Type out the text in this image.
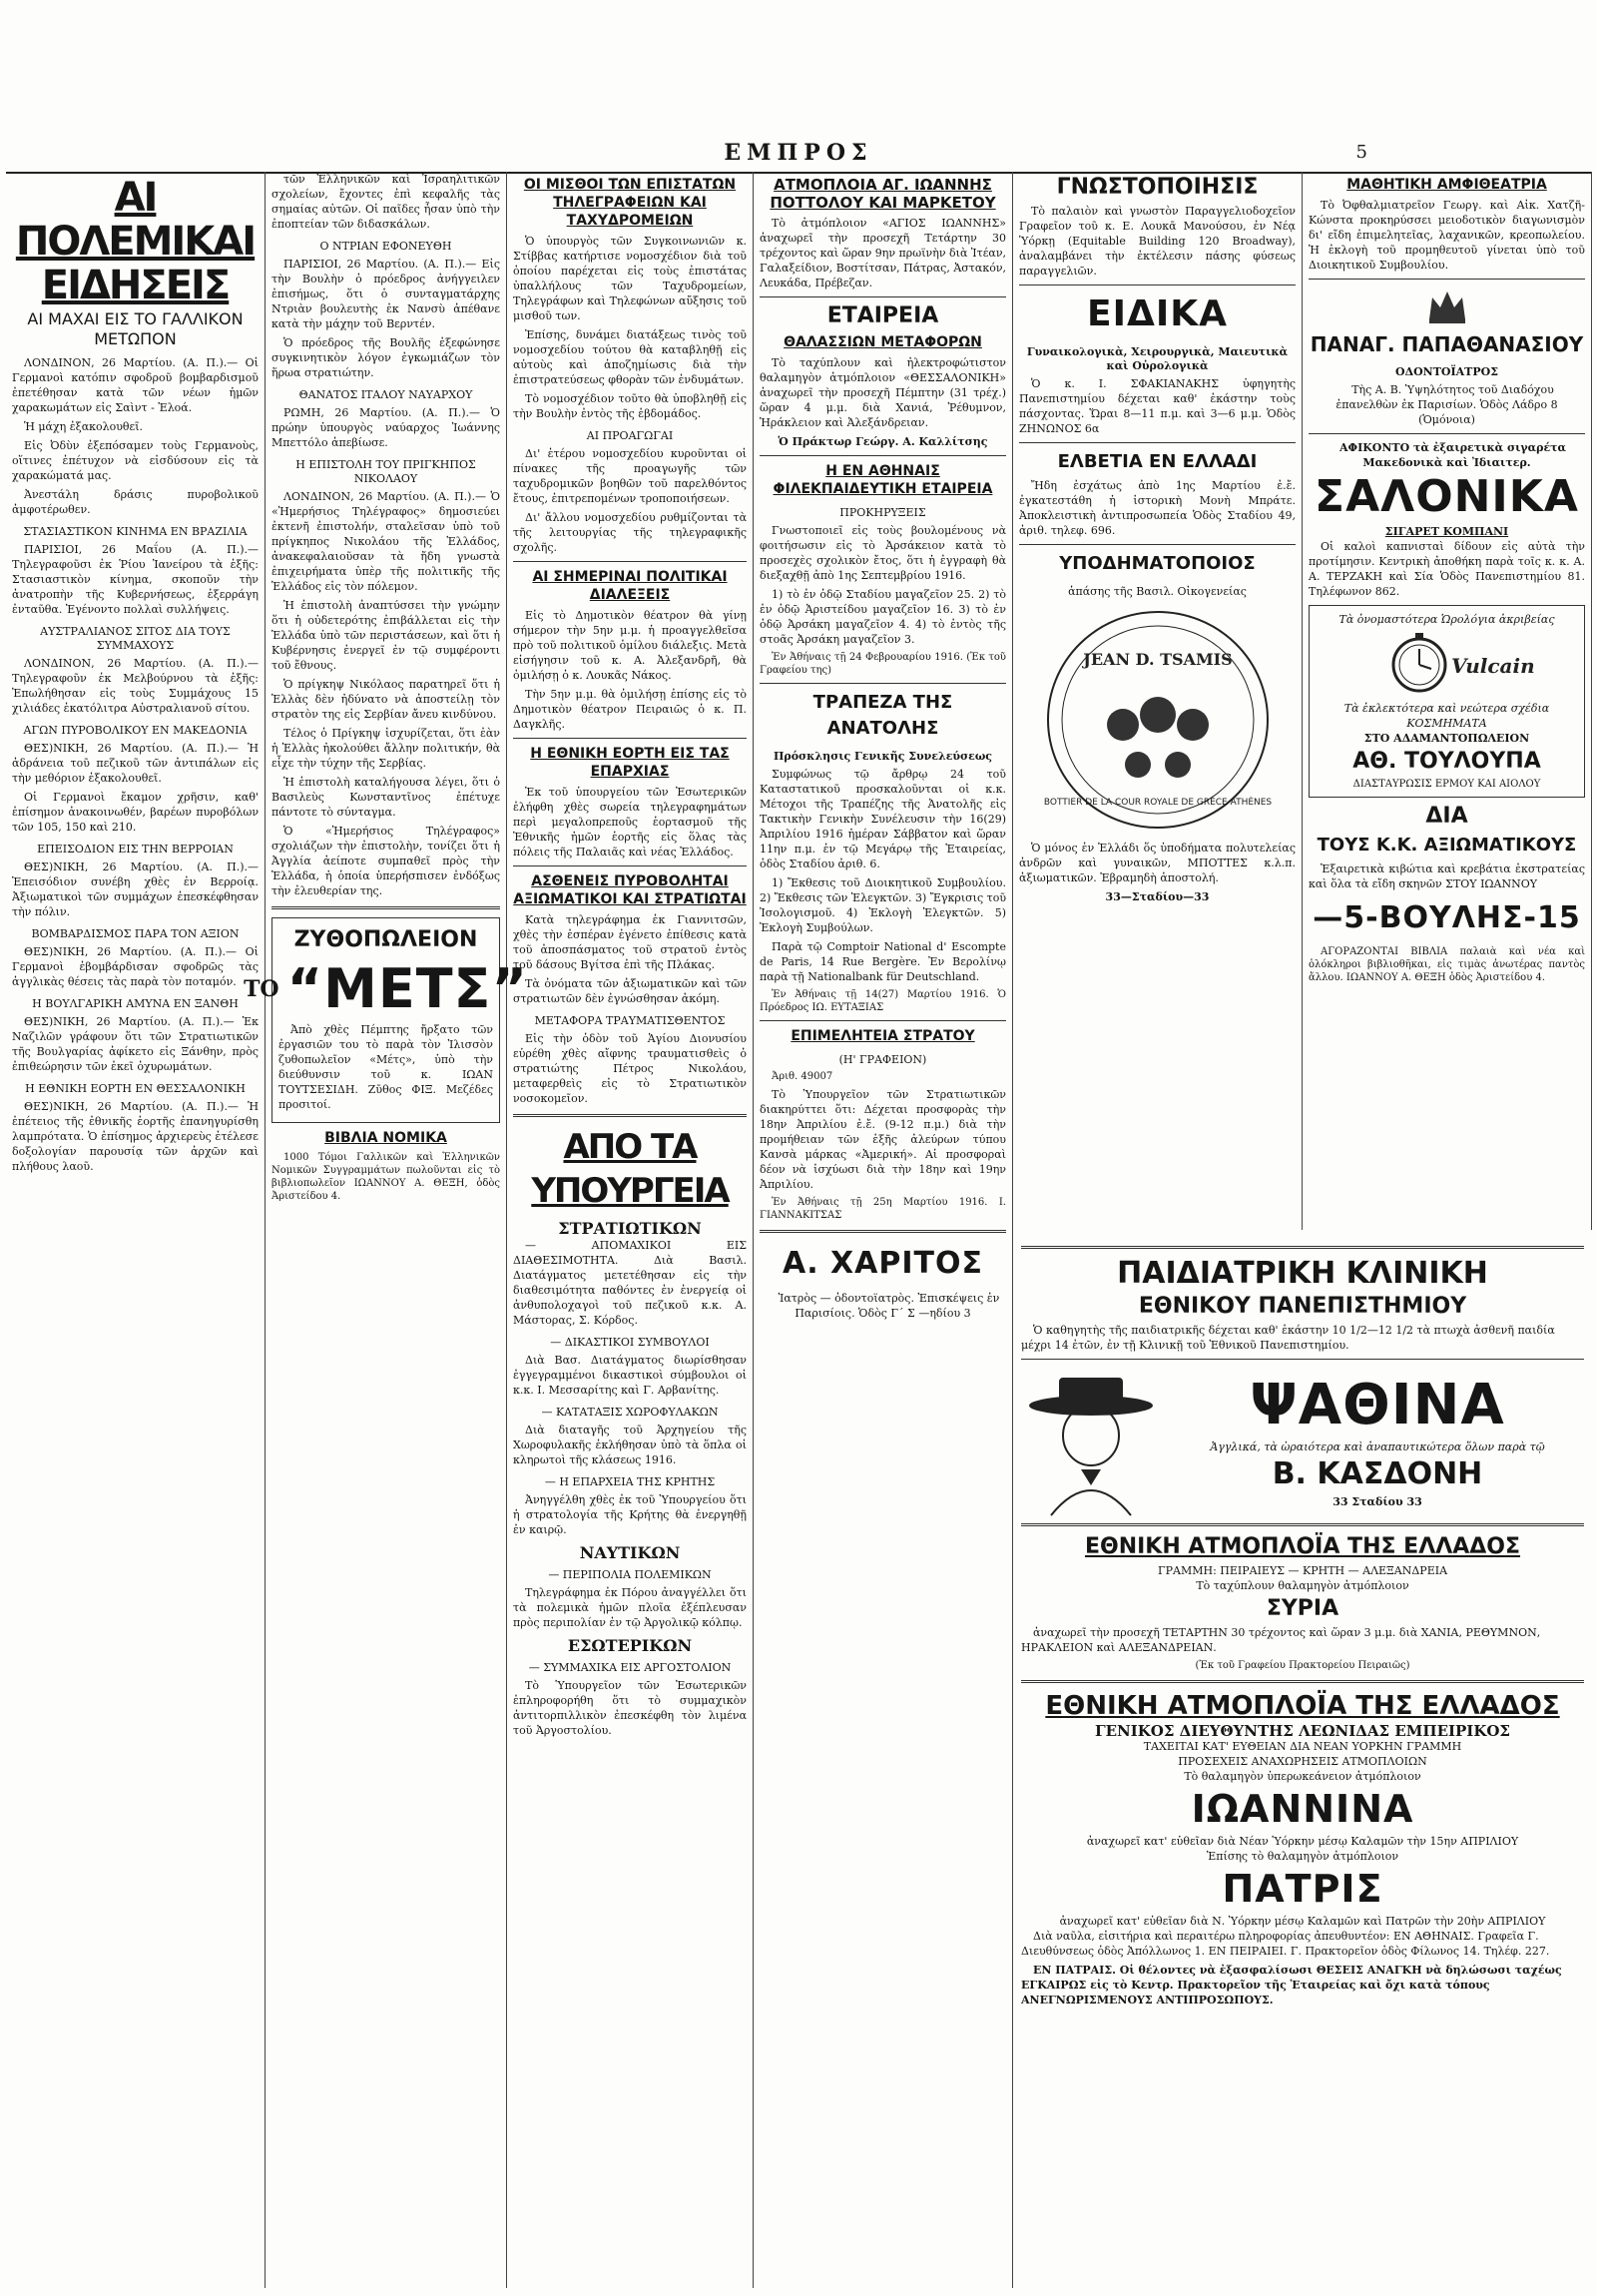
ΕΜΠΡΟΣ	5
ΑΙ ΠΟΛΕΜΙΚΑΙ ΕΙΔΗΣΕΙΣ
ΑΙ ΜΑΧΑΙ ΕΙΣ ΤΟ ΓΑΛΛΙΚΟΝ ΜΕΤΩΠΟΝ

ΛΟΝΔΙΝΟΝ, 26 Μαρτίου. (Α. Π.).— Οἱ Γερμανοὶ κατόπιν σφοδροῦ βομβαρδισμοῦ ἐπετέθησαν κατὰ τῶν νέων ἡμῶν χαρακωμάτων εἰς Σαὶντ - Ἐλοά.

Ἡ μάχη ἐξακολουθεῖ.

Εἰς Ὀδὺν ἐξεπόσαμεν τοὺς Γερμανοὺς, οἵτινες ἐπέτυχον νὰ εἰσδύσουν εἰς τὰ χαρακώματά μας.

Ἀνεστάλη δράσις πυροβολικοῦ ἀμφοτέρωθεν.

ΣΤΑΣΙΑΣΤΙΚΟΝ ΚΙΝΗΜΑ ΕΝ ΒΡΑΖΙΛΙΑ

ΠΑΡΙΣΙΟΙ, 26 Μαΐου (Α. Π.).— Τηλεγραφοῦσι ἐκ Ῥίου Ἰανείρου τὰ ἑξῆς: Στασιαστικὸν κίνημα, σκοποῦν τὴν ἀνατροπὴν τῆς Κυβερνήσεως, ἐξερράγη ἐνταῦθα. Ἐγένοντο πολλαὶ συλλήψεις.

ΑΥΣΤΡΑΛΙΑΝΟΣ ΣΙΤΟΣ ΔΙΑ ΤΟΥΣ ΣΥΜΜΑΧΟΥΣ

ΛΟΝΔΙΝΟΝ, 26 Μαρτίου. (Α. Π.).— Τηλεγραφοῦν ἐκ Μελβούρνου τὰ ἑξῆς: Ἐπωλήθησαν εἰς τοὺς Συμμάχους 15 χιλιάδες ἑκατόλιτρα Αὐστραλιανοῦ σίτου.

ΑΓΩΝ ΠΥΡΟΒΟΛΙΚΟΥ ΕΝ ΜΑΚΕΔΟΝΙΑ

ΘΕΣ)ΝΙΚΗ, 26 Μαρτίου. (Α. Π.).— Ἡ ἀδράνεια τοῦ πεζικοῦ τῶν ἀντιπάλων εἰς τὴν μεθόριον ἐξακολουθεῖ.

Οἱ Γερμανοὶ ἔκαμον χρῆσιν, καθ' ἐπίσημον ἀνακοινωθέν, βαρέων πυροβόλων τῶν 105, 150 καὶ 210.

ΕΠΕΙΣΟΔΙΟΝ ΕΙΣ ΤΗΝ ΒΕΡΡΟΙΑΝ

ΘΕΣ)ΝΙΚΗ, 26 Μαρτίου. (Α. Π.).— Ἐπεισόδιον συνέβη χθὲς ἐν Βερροίᾳ. Ἀξιωματικοὶ τῶν συμμάχων ἐπεσκέφθησαν τὴν πόλιν.

ΒΟΜΒΑΡΔΙΣΜΟΣ ΠΑΡΑ ΤΟΝ ΑΞΙΟΝ

ΘΕΣ)ΝΙΚΗ, 26 Μαρτίου. (Α. Π.).— Οἱ Γερμανοὶ ἐβομβάρδισαν σφοδρῶς τὰς ἀγγλικὰς θέσεις τὰς παρὰ τὸν ποταμόν.

Η ΒΟΥΛΓΑΡΙΚΗ ΑΜΥΝΑ ΕΝ ΞΑΝΘΗ

ΘΕΣ)ΝΙΚΗ, 26 Μαρτίου. (Α. Π.).— Ἐκ Ναζιλῶν γράφουν ὅτι τῶν Στρατιωτικῶν τῆς Βουλγαρίας ἀφίκετο εἰς Ξάνθην, πρὸς ἐπιθεώρησιν τῶν ἐκεῖ ὀχυρωμάτων.

Η ΕΘΝΙΚΗ ΕΟΡΤΗ ΕΝ ΘΕΣΣΑΛΟΝΙΚΗ

ΘΕΣ)ΝΙΚΗ, 26 Μαρτίου. (Α. Π.).— Ἡ ἐπέτειος τῆς ἐθνικῆς ἑορτῆς ἐπανηγυρίσθη λαμπρότατα. Ὁ ἐπίσημος ἀρχιερεὺς ἐτέλεσε δοξολογίαν παρουσίᾳ τῶν ἀρχῶν καὶ πλήθους λαοῦ.

τῶν Ἑλληνικῶν καὶ Ἰσραηλιτικῶν σχολείων, ἔχοντες ἐπὶ κεφαλῆς τὰς σημαίας αὐτῶν. Οἱ παῖδες ἦσαν ὑπὸ τὴν ἐποπτείαν τῶν διδασκάλων.

Ο ΝΤΡΙΑΝ ΕΦΟΝΕΥΘΗ

ΠΑΡΙΣΙΟΙ, 26 Μαρτίου. (Α. Π.).— Εἰς τὴν Βουλὴν ὁ πρόεδρος ἀνήγγειλεν ἐπισήμως, ὅτι ὁ συνταγματάρχης Ντριὰν βουλευτὴς ἐκ Νανσὺ ἀπέθανε κατὰ τὴν μάχην τοῦ Βερντέν.

Ὁ πρόεδρος τῆς Βουλῆς ἐξεφώνησε συγκινητικὸν λόγον ἐγκωμιάζων τὸν ἥρωα στρατιώτην.

ΘΑΝΑΤΟΣ ΙΤΑΛΟΥ ΝΑΥΑΡΧΟΥ

ΡΩΜΗ, 26 Μαρτίου. (Α. Π.).— Ὁ πρώην ὑπουργὸς ναύαρχος Ἰωάννης Μπεττόλο ἀπεβίωσε.

Η ΕΠΙΣΤΟΛΗ ΤΟΥ ΠΡΙΓΚΗΠΟΣ ΝΙΚΟΛΑΟΥ

ΛΟΝΔΙΝΟΝ, 26 Μαρτίου. (Α. Π.).— Ὁ «Ἠμερήσιος Τηλέγραφος» δημοσιεύει ἐκτενῆ ἐπιστολήν, σταλεῖσαν ὑπὸ τοῦ πρίγκηπος Νικολάου τῆς Ἑλλάδος, ἀνακεφαλαιοῦσαν τὰ ἤδη γνωστὰ ἐπιχειρήματα ὑπὲρ τῆς πολιτικῆς τῆς Ἑλλάδος εἰς τὸν πόλεμον.

Ἡ ἐπιστολὴ ἀναπτύσσει τὴν γνώμην ὅτι ἡ οὐδετερότης ἐπιβάλλεται εἰς τὴν Ἑλλάδα ὑπὸ τῶν περιστάσεων, καὶ ὅτι ἡ Κυβέρνησις ἐνεργεῖ ἐν τῷ συμφέροντι τοῦ ἔθνους.

Ὁ πρίγκηψ Νικόλαος παρατηρεῖ ὅτι ἡ Ἑλλὰς δὲν ἠδύνατο νὰ ἀποστείλῃ τὸν στρατὸν της εἰς Σερβίαν ἄνευ κινδύνου.

Τέλος ὁ Πρίγκηψ ἰσχυρίζεται, ὅτι ἐὰν ἡ Ἑλλὰς ἠκολούθει ἄλλην πολιτικήν, θὰ εἶχε τὴν τύχην τῆς Σερβίας.

Ἡ ἐπιστολὴ καταλήγουσα λέγει, ὅτι ὁ Βασιλεὺς Κωνσταντῖνος ἐπέτυχε πάντοτε τὸ σύνταγμα.

Ὁ «Ἠμερήσιος Τηλέγραφος» σχολιάζων τὴν ἐπιστολὴν, τονίζει ὅτι ἡ Ἀγγλία ἀείποτε συμπαθεῖ πρὸς τὴν Ἑλλάδα, ἡ ὁποία ὑπερήσπισεν ἐνδόξως τὴν ἐλευθερίαν της.

ΖΥΘΟΠΩΛΕΙΟΝ
ΤΟ “ΜΕΤΣ”

Ἀπὸ χθὲς Πέμπτης ἤρξατο τῶν ἐργασιῶν του τὸ παρὰ τὸν Ἰλισσὸν ζυθοπωλεῖον «Μέτς», ὑπὸ τὴν διεύθυνσιν τοῦ κ. ΙΩΑΝ ΤΟΥΤΣΕΣΙΔΗ. Ζῦθος ΦΙΞ. Μεζέδες προσιτοί.

ΒΙΒΛΙΑ ΝΟΜΙΚΑ

1000 Τόμοι Γαλλικῶν καὶ Ἑλληνικῶν Νομικῶν Συγγραμμάτων πωλοῦνται εἰς τὸ βιβλιοπωλεῖον ΙΩΑΝΝΟΥ Α. ΘΕΞΗ, ὁδὸς Ἀριστείδου 4.

ΟΙ ΜΙΣΘΟΙ ΤΩΝ ΕΠΙΣΤΑΤΩΝ ΤΗΛΕΓΡΑΦΕΙΩΝ ΚΑΙ ΤΑΧΥΔΡΟΜΕΙΩΝ

Ὁ ὑπουργὸς τῶν Συγκοινωνιῶν κ. Στίββας κατήρτισε νομοσχέδιον διὰ τοῦ ὁποίου παρέχεται εἰς τοὺς ἐπιστάτας ὑπαλλήλους τῶν Ταχυδρομείων, Τηλεγράφων καὶ Τηλεφώνων αὔξησις τοῦ μισθοῦ των.

Ἐπίσης, δυνάμει διατάξεως τινὸς τοῦ νομοσχεδίου τούτου θὰ καταβληθῇ εἰς αὐτοὺς καὶ ἀποζημίωσις διὰ τὴν ἐπιστρατεύσεως φθορὰν τῶν ἐνδυμάτων.

Τὸ νομοσχέδιον τοῦτο θὰ ὑποβληθῇ εἰς τὴν Βουλὴν ἐντὸς τῆς ἑβδομάδος.

ΑΙ ΠΡΟΑΓΩΓΑΙ

Δι' ἑτέρου νομοσχεδίου κυροῦνται οἱ πίνακες τῆς προαγωγῆς τῶν ταχυδρομικῶν βοηθῶν τοῦ παρελθόντος ἔτους, ἐπιτρεπομένων τροποποιήσεων.

Δι' ἄλλου νομοσχεδίου ρυθμίζονται τὰ τῆς λειτουργίας τῆς τηλεγραφικῆς σχολῆς.

ΑΙ ΣΗΜΕΡΙΝΑΙ ΠΟΛΙΤΙΚΑΙ ΔΙΑΛΕΞΕΙΣ

Εἰς τὸ Δημοτικὸν θέατρον θὰ γίνῃ σήμερον τὴν 5ην μ.μ. ἡ προαγγελθεῖσα πρὸ τοῦ πολιτικοῦ ὁμίλου διάλεξις. Μετὰ εἰσήγησιν τοῦ κ. Α. Ἀλεξανδρῆ, θὰ ὁμιλήσῃ ὁ κ. Λουκᾶς Νάκος.

Τὴν 5ην μ.μ. θὰ ὁμιλήσῃ ἐπίσης εἰς τὸ Δημοτικὸν θέατρον Πειραιῶς ὁ κ. Π. Δαγκλῆς.

Η ΕΘΝΙΚΗ ΕΟΡΤΗ ΕΙΣ ΤΑΣ ΕΠΑΡΧΙΑΣ

Ἐκ τοῦ ὑπουργείου τῶν Ἐσωτερικῶν ἐλήφθη χθὲς σωρεία τηλεγραφημάτων περὶ μεγαλοπρεποῦς ἑορτασμοῦ τῆς Ἐθνικῆς ἡμῶν ἑορτῆς εἰς ὅλας τὰς πόλεις τῆς Παλαιᾶς καὶ νέας Ἑλλάδος.

ΑΣΘΕΝΕΙΣ ΠΥΡΟΒΟΛΗΤΑΙ ΑΞΙΩΜΑΤΙΚΟΙ ΚΑΙ ΣΤΡΑΤΙΩΤΑΙ

Κατὰ τηλεγράφημα ἐκ Γιαννιτσῶν, χθὲς τὴν ἑσπέραν ἐγένετο ἐπίθεσις κατὰ τοῦ ἀποσπάσματος τοῦ στρατοῦ ἐντὸς τοῦ δάσους Βγίτσα ἐπὶ τῆς Πλάκας.

Τὰ ὀνόματα τῶν ἀξιωματικῶν καὶ τῶν στρατιωτῶν δὲν ἐγνώσθησαν ἀκόμη.

ΜΕΤΑΦΟΡΑ ΤΡΑΥΜΑΤΙΣΘΕΝΤΟΣ

Εἰς τὴν ὁδὸν τοῦ Ἁγίου Διονυσίου εὑρέθη χθὲς αἴφνης τραυματισθεὶς ὁ στρατιώτης Πέτρος Νικολάου, μεταφερθεὶς εἰς τὸ Στρατιωτικὸν νοσοκομεῖον.

ΑΠΟ ΤΑ ΥΠΟΥΡΓΕΙΑ
ΣΤΡΑΤΙΩΤΙΚΩΝ

— ΑΠΟΜΑΧΙΚΟΙ ΕΙΣ ΔΙΑΘΕΣΙΜΟΤΗΤΑ. Διὰ Βασιλ. Διατάγματος μετετέθησαν εἰς τὴν διαθεσιμότητα παθόντες ἐν ἐνεργείᾳ οἱ ἀνθυπολοχαγοὶ τοῦ πεζικοῦ κ.κ. Α. Μάστορας, Σ. Κόρδος.

— ΔΙΚΑΣΤΙΚΟΙ ΣΥΜΒΟΥΛΟΙ

Διὰ Βασ. Διατάγματος διωρίσθησαν ἐγγεγραμμένοι δικαστικοὶ σύμβουλοι οἱ κ.κ. Ι. Μεσσαρίτης καὶ Γ. Αρβανίτης.

— ΚΑΤΑΤΑΞΙΣ ΧΩΡΟΦΥΛΑΚΩΝ

Διὰ διαταγῆς τοῦ Ἀρχηγείου τῆς Χωροφυλακῆς ἐκλήθησαν ὑπὸ τὰ ὅπλα οἱ κληρωτοὶ τῆς κλάσεως 1916.

— Η ΕΠΑΡΧΕΙΑ ΤΗΣ ΚΡΗΤΗΣ

Ἀνηγγέλθη χθὲς ἐκ τοῦ Ὑπουργείου ὅτι ἡ στρατολογία τῆς Κρήτης θὰ ἐνεργηθῇ ἐν καιρῷ.

ΝΑΥΤΙΚΩΝ
— ΠΕΡΙΠΟΛΙΑ ΠΟΛΕΜΙΚΩΝ

Τηλεγράφημα ἐκ Πόρου ἀναγγέλλει ὅτι τὰ πολεμικὰ ἡμῶν πλοῖα ἐξέπλευσαν πρὸς περιπολίαν ἐν τῷ Ἀργολικῷ κόλπῳ.

ΕΣΩΤΕΡΙΚΩΝ
— ΣΥΜΜΑΧΙΚΑ ΕΙΣ ΑΡΓΟΣΤΟΛΙΟΝ

Τὸ Ὑπουργεῖον τῶν Ἐσωτερικῶν ἐπληροφορήθη ὅτι τὸ συμμαχικὸν ἀντιτορπιλλικὸν ἐπεσκέφθη τὸν λιμένα τοῦ Ἀργοστολίου.

ΑΤΜΟΠΛΟΙΑ ΑΓ. ΙΩΑΝΝΗΣ ΠΟΤΤΟΛΟΥ ΚΑΙ ΜΑΡΚΕΤΟΥ

Τὸ ἀτμόπλοιον «ΑΓΙΟΣ ΙΩΑΝΝΗΣ» ἀναχωρεῖ τὴν προσεχῆ Τετάρτην 30 τρέχοντος καὶ ὥραν 9ην πρωϊνὴν διὰ Ἰτέαν, Γαλαξείδιον, Βοστίτσαν, Πάτρας, Ἀστακόν, Λευκάδα, Πρέβεζαν.

ΕΤΑΙΡΕΙΑ
ΘΑΛΑΣΣΙΩΝ ΜΕΤΑΦΟΡΩΝ

Τὸ ταχύπλουν καὶ ἠλεκτροφώτιστον θαλαμηγὸν ἀτμόπλοιον «ΘΕΣΣΑΛΟΝΙΚΗ» ἀναχωρεῖ τὴν προσεχῆ Πέμπτην (31 τρέχ.) ὥραν 4 μ.μ. διὰ Χανιά, Ῥέθυμνον, Ἡράκλειον καὶ Ἀλεξάνδρειαν.

Ὁ Πράκτωρ Γεώργ. Α. Καλλίτσης
Η ΕΝ ΑΘΗΝΑΙΣ ΦΙΛΕΚΠΑΙΔΕΥΤΙΚΗ ΕΤΑΙΡΕΙΑ
ΠΡΟΚΗΡΥΞΕΙΣ

Γνωστοποιεῖ εἰς τοὺς βουλομένους νὰ φοιτήσωσιν εἰς τὸ Ἀρσάκειον κατὰ τὸ προσεχὲς σχολικὸν ἔτος, ὅτι ἡ ἐγγραφὴ θὰ διεξαχθῇ ἀπὸ 1ης Σεπτεμβρίου 1916.

1) τὸ ἐν ὁδῷ Σταδίου μαγαζεῖον 25. 2) τὸ ἐν ὁδῷ Ἀριστείδου μαγαζεῖον 16. 3) τὸ ἐν ὁδῷ Ἀρσάκη μαγαζεῖον 4. 4) τὸ ἐντὸς τῆς στοᾶς Ἀρσάκη μαγαζεῖον 3.

Ἐν Ἀθήναις τῇ 24 Φεβρουαρίου 1916. (Ἐκ τοῦ Γραφείου της)

ΤΡΑΠΕΖΑ ΤΗΣ ΑΝΑΤΟΛΗΣ
Πρόσκλησις Γενικῆς Συνελεύσεως

Συμφώνως τῷ ἄρθρῳ 24 τοῦ Καταστατικοῦ προσκαλοῦνται οἱ κ.κ. Μέτοχοι τῆς Τραπέζης τῆς Ἀνατολῆς εἰς Τακτικὴν Γενικὴν Συνέλευσιν τὴν 16(29) Ἀπριλίου 1916 ἡμέραν Σάββατον καὶ ὥραν 11ην π.μ. ἐν τῷ Μεγάρῳ τῆς Ἑταιρείας, ὁδὸς Σταδίου ἀριθ. 6.

1) Ἔκθεσις τοῦ Διοικητικοῦ Συμβουλίου. 2) Ἔκθεσις τῶν Ἐλεγκτῶν. 3) Ἔγκρισις τοῦ Ἰσολογισμοῦ. 4) Ἐκλογὴ Ἐλεγκτῶν. 5) Ἐκλογὴ Συμβούλων.

Παρὰ τῷ Comptoir National d' Escompte de Paris, 14 Rue Bergère. Ἐν Βερολίνῳ παρὰ τῇ Nationalbank für Deutschland.

Ἐν Ἀθήναις τῇ 14(27) Μαρτίου 1916. Ὁ Πρόεδρος ΙΩ. ΕΥΤΑΞΙΑΣ

ΕΠΙΜΕΛΗΤΕΙΑ ΣΤΡΑΤΟΥ
(Η' ΓΡΑΦΕΙΟΝ)

Ἀριθ. 49007

Τὸ Ὑπουργεῖον τῶν Στρατιωτικῶν διακηρύττει ὅτι: Δέχεται προσφορὰς τὴν 18ην Ἀπριλίου ἐ.ἔ. (9-12 π.μ.) διὰ τὴν προμήθειαν τῶν ἑξῆς ἀλεύρων τύπου Κανσὰ μάρκας «Ἀμερική». Αἱ προσφοραὶ δέον νὰ ἰσχύωσι διὰ τὴν 18ην καὶ 19ην Ἀπριλίου.

Ἐν Ἀθήναις τῇ 25η Μαρτίου 1916. Ι. ΓΙΑΝΝΑΚΙΤΣΑΣ

Α. ΧΑΡΙΤΟΣ

Ἰατρὸς — ὀδοντοϊατρὸς. Ἐπισκέψεις ἐν Παρισίοις. Ὁδὸς Γ΄ Σ —ηδίου 3

ΓΝΩΣΤΟΠΟΙΗΣΙΣ

Τὸ παλαιὸν καὶ γνωστὸν Παραγγελιοδοχεῖον Γραφεῖον τοῦ κ. Ε. Λουκᾶ Μανούσου, ἐν Νέᾳ Ὑόρκῃ (Equitable Building 120 Broadway), ἀναλαμβάνει τὴν ἐκτέλεσιν πάσης φύσεως παραγγελιῶν.

ΕΙΔΙΚΑ
Γυναικολογικὰ, Χειρουργικὰ, Μαιευτικὰ καὶ Οὐρολογικὰ

Ὁ κ. Ι. ΣΦΑΚΙΑΝΑΚΗΣ ὑφηγητὴς Πανεπιστημίου δέχεται καθ' ἑκάστην τοὺς πάσχοντας. Ὥραι 8—11 π.μ. καὶ 3—6 μ.μ. Ὁδὸς ΖΗΝΩΝΟΣ 6α

ΕΛΒΕΤΙΑ ΕΝ ΕΛΛΑΔΙ

Ἤδη ἐσχάτως ἀπὸ 1ης Μαρτίου ἐ.ἔ. ἐγκατεστάθη ἡ ἱστορικὴ Μονὴ Μπράτε. Ἀποκλειστικὴ ἀντιπροσωπεία Ὁδὸς Σταδίου 49, ἀριθ. τηλεφ. 696.

ΥΠΟΔΗΜΑΤΟΠΟΙΟΣ
ἁπάσης τῆς Βασιλ. Οἰκογενείας
JEAN D. TSAMIS
BOTTIER DE LA COUR ROYALE DE GRÈCE ATHÈNES

Ὁ μόνος ἐν Ἑλλάδι ὅς ὑποδήματα πολυτελείας ἀνδρῶν καὶ γυναικῶν, ΜΠΟΤΤΕΣ κ.λ.π. ἀξιωματικῶν. Ἐβραμηδὴ ἀποστολή.

33—Σταδίου—33
ΜΑΘΗΤΙΚΗ ΑΜΦΙΘΕΑΤΡΙΑ

Τὸ Ὀφθαλμιατρεῖον Γεωργ. καὶ Αἰκ. Χατζῆ-Κώνστα προκηρύσσει μειοδοτικὸν διαγωνισμὸν δι' εἴδη ἐπιμελητεῖας, λαχανικῶν, κρεοπωλείου. Ἡ ἐκλογὴ τοῦ προμηθευτοῦ γίνεται ὑπὸ τοῦ Διοικητικοῦ Συμβουλίου.

ΠΑΝΑΓ. ΠΑΠΑΘΑΝΑΣΙΟΥ
ΟΔΟΝΤΟΪΑΤΡΟΣ

Τὴς Α. Β. Ὑψηλότητος τοῦ Διαδόχου ἐπανελθὼν ἐκ Παρισίων. Ὁδὸς Λάδρο 8 (Ὁμόνοια)

ΑΦΙΚΟΝΤΟ τὰ ἐξαιρετικὰ σιγαρέτα Μακεδονικὰ καὶ Ἰδιαιτερ.

ΣΑΛΟΝΙΚΑ
ΣΙΓΑΡΕΤ ΚΟΜΠΑΝΙ

Οἱ καλοὶ καπνισταὶ δίδουν εἰς αὐτὰ τὴν προτίμησιν. Κεντρικὴ ἀποθήκη παρὰ τοῖς κ. κ. Α. Α. ΤΕΡΖΑΚΗ καὶ Σία Ὁδὸς Πανεπιστημίου 81. Τηλέφωνον 862.

Τὰ ὀνομαστότερα Ὡρολόγια ἀκριβείας
Vulcain
Τὰ ἐκλεκτότερα καὶ νεώτερα σχέδια ΚΟΣΜΗΜΑΤΑ
ΣΤΟ ΑΔΑΜΑΝΤΟΠΩΛΕΙΟΝ
ΑΘ. ΤΟΥΛΟΥΠΑ
ΔΙΑΣΤΑΥΡΩΣΙΣ ΕΡΜΟΥ ΚΑΙ ΑΙΟΛΟΥ
ΔΙΑ
ΤΟΥΣ Κ.Κ. ΑΞΙΩΜΑΤΙΚΟΥΣ

Ἐξαιρετικὰ κιβώτια καὶ κρεβάτια ἐκστρατείας καὶ ὅλα τὰ εἴδη σκηνῶν ΣΤΟΥ ΙΩΑΝΝΟΥ

—5-ΒΟΥΛΗΣ-15

ΑΓΟΡΑΖΟΝΤΑΙ ΒΙΒΛΙΑ παλαιὰ καὶ νέα καὶ ὁλόκληροι βιβλιοθῆκαι, εἰς τιμὰς ἀνωτέρας παντὸς ἄλλου. ΙΩΑΝΝΟΥ Α. ΘΕΞΗ ὁδὸς Ἀριστείδου 4.

ΠΑΙΔΙΑΤΡΙΚΗ ΚΛΙΝΙΚΗ
ΕΘΝΙΚΟΥ ΠΑΝΕΠΙΣΤΗΜΙΟΥ

Ὁ καθηγητὴς τῆς παιδιατρικῆς δέχεται καθ' ἑκάστην 10 1/2—12 1/2 τὰ πτωχὰ ἀσθενῆ παιδία μέχρι 14 ἐτῶν, ἐν τῇ Κλινικῇ τοῦ Ἐθνικοῦ Πανεπιστημίου.

ΨΑΘΙΝΑ
Ἀγγλικά, τὰ ὡραιότερα καὶ ἀναπαυτικώτερα ὅλων παρὰ τῷ
Β. ΚΑΣΔΟΝΗ
33 Σταδίου 33
ΕΘΝΙΚΗ ΑΤΜΟΠΛΟΪΑ ΤΗΣ ΕΛΛΑΔΟΣ
ΓΡΑΜΜΗ: ΠΕΙΡΑΙΕΥΣ — ΚΡΗΤΗ — ΑΛΕΞΑΝΔΡΕΙΑ
Τὸ ταχύπλουν θαλαμηγὸν ἀτμόπλοιον
ΣΥΡΙΑ

ἀναχωρεῖ τὴν προσεχῆ ΤΕΤΑΡΤΗΝ 30 τρέχοντος καὶ ὥραν 3 μ.μ. διὰ ΧΑΝΙΑ, ΡΕΘΥΜΝΟΝ, ΗΡΑΚΛΕΙΟΝ καὶ ΑΛΕΞΑΝΔΡΕΙΑΝ.

(Ἐκ τοῦ Γραφείου Πρακτορείου Πειραιῶς)
ΕΘΝΙΚΗ ΑΤΜΟΠΛΟΪΑ ΤΗΣ ΕΛΛΑΔΟΣ
ΓΕΝΙΚΟΣ ΔΙΕΥΘΥΝΤΗΣ ΛΕΩΝΙΔΑΣ ΕΜΠΕΙΡΙΚΟΣ
ΤΑΧΕΙΤΑΙ ΚΑΤ' ΕΥΘΕΙΑΝ ΔΙΑ ΝΕΑΝ ΥΟΡΚΗΝ ΓΡΑΜΜΗ
ΠΡΟΣΕΧΕΙΣ ΑΝΑΧΩΡΗΣΕΙΣ ΑΤΜΟΠΛΟΙΩΝ
Τὸ θαλαμηγὸν ὑπερωκεάνειον ἀτμόπλοιον
ΙΩΑΝΝΙΝΑ
ἀναχωρεῖ κατ' εὐθεῖαν διὰ Νέαν Ὑόρκην μέσῳ Καλαμῶν τὴν 15ην ΑΠΡΙΛΙΟΥ
Ἐπίσης τὸ θαλαμηγὸν ἀτμόπλοιον
ΠΑΤΡΙΣ
ἀναχωρεῖ κατ' εὐθεῖαν διὰ Ν. Ὑόρκην μέσῳ Καλαμῶν καὶ Πατρῶν τὴν 20ὴν ΑΠΡΙΛΙΟΥ

Διὰ ναῦλα, εἰσιτήρια καὶ περαιτέρω πληροφορίας ἀπευθυντέον: ΕΝ ΑΘΗΝΑΙΣ. Γραφεῖα Γ. Διευθύνσεως ὁδὸς Ἀπόλλωνος 1. ΕΝ ΠΕΙΡΑΙΕΙ. Γ. Πρακτορεῖον ὁδὸς Φίλωνος 14. Τηλέφ. 227.

ΕΝ ΠΑΤΡΑΙΣ. Οἱ θέλοντες νὰ ἐξασφαλίσωσι ΘΕΣΕΙΣ ΑΝΑΓΚΗ νὰ δηλώσωσι ταχέως ΕΓΚΑΙΡΩΣ εἰς τὸ Κεντρ. Πρακτορεῖον τῆς Ἑταιρείας καὶ ὄχι κατὰ τόπους ΑΝΕΓΝΩΡΙΣΜΕΝΟΥΣ ΑΝΤΙΠΡΟΣΩΠΟΥΣ.
